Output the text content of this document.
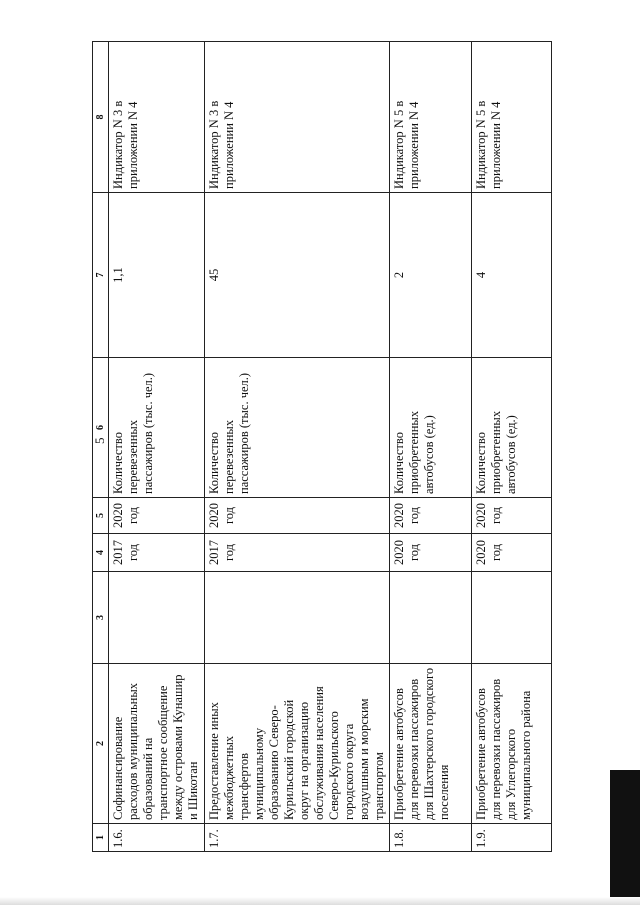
5
1	2	3	4	5	6	7	8
1.6.	Софинансирование расходов муниципальных образований на транспортное сообщение между островами Кунашир и Шикотан		2017 год	2020 год	Количество перевезенных пассажиров (тыс. чел.)	1,1	Индикатор N 3 в приложении N 4
1.7.	Предоставление иных межбюджетных трансфертов муниципальному образованию Северо-Курильский городской округ на организацию обслуживания населения Северо-Курильского городского округа воздушным и морским транспортом		2017 год	2020 год	Количество перевезенных пассажиров (тыс. чел.)	45	Индикатор N 3 в приложении N 4
1.8.	Приобретение автобусов для перевозки пассажиров для Шахтерского городского поселения		2020 год	2020 год	Количество приобретенных автобусов (ед.)	2	Индикатор N 5 в приложении N 4
1.9.	Приобретение автобусов для перевозки пассажиров для Углегорского муниципального района		2020 год	2020 год	Количество приобретенных автобусов (ед.)	4	Индикатор N 5 в приложении N 4
